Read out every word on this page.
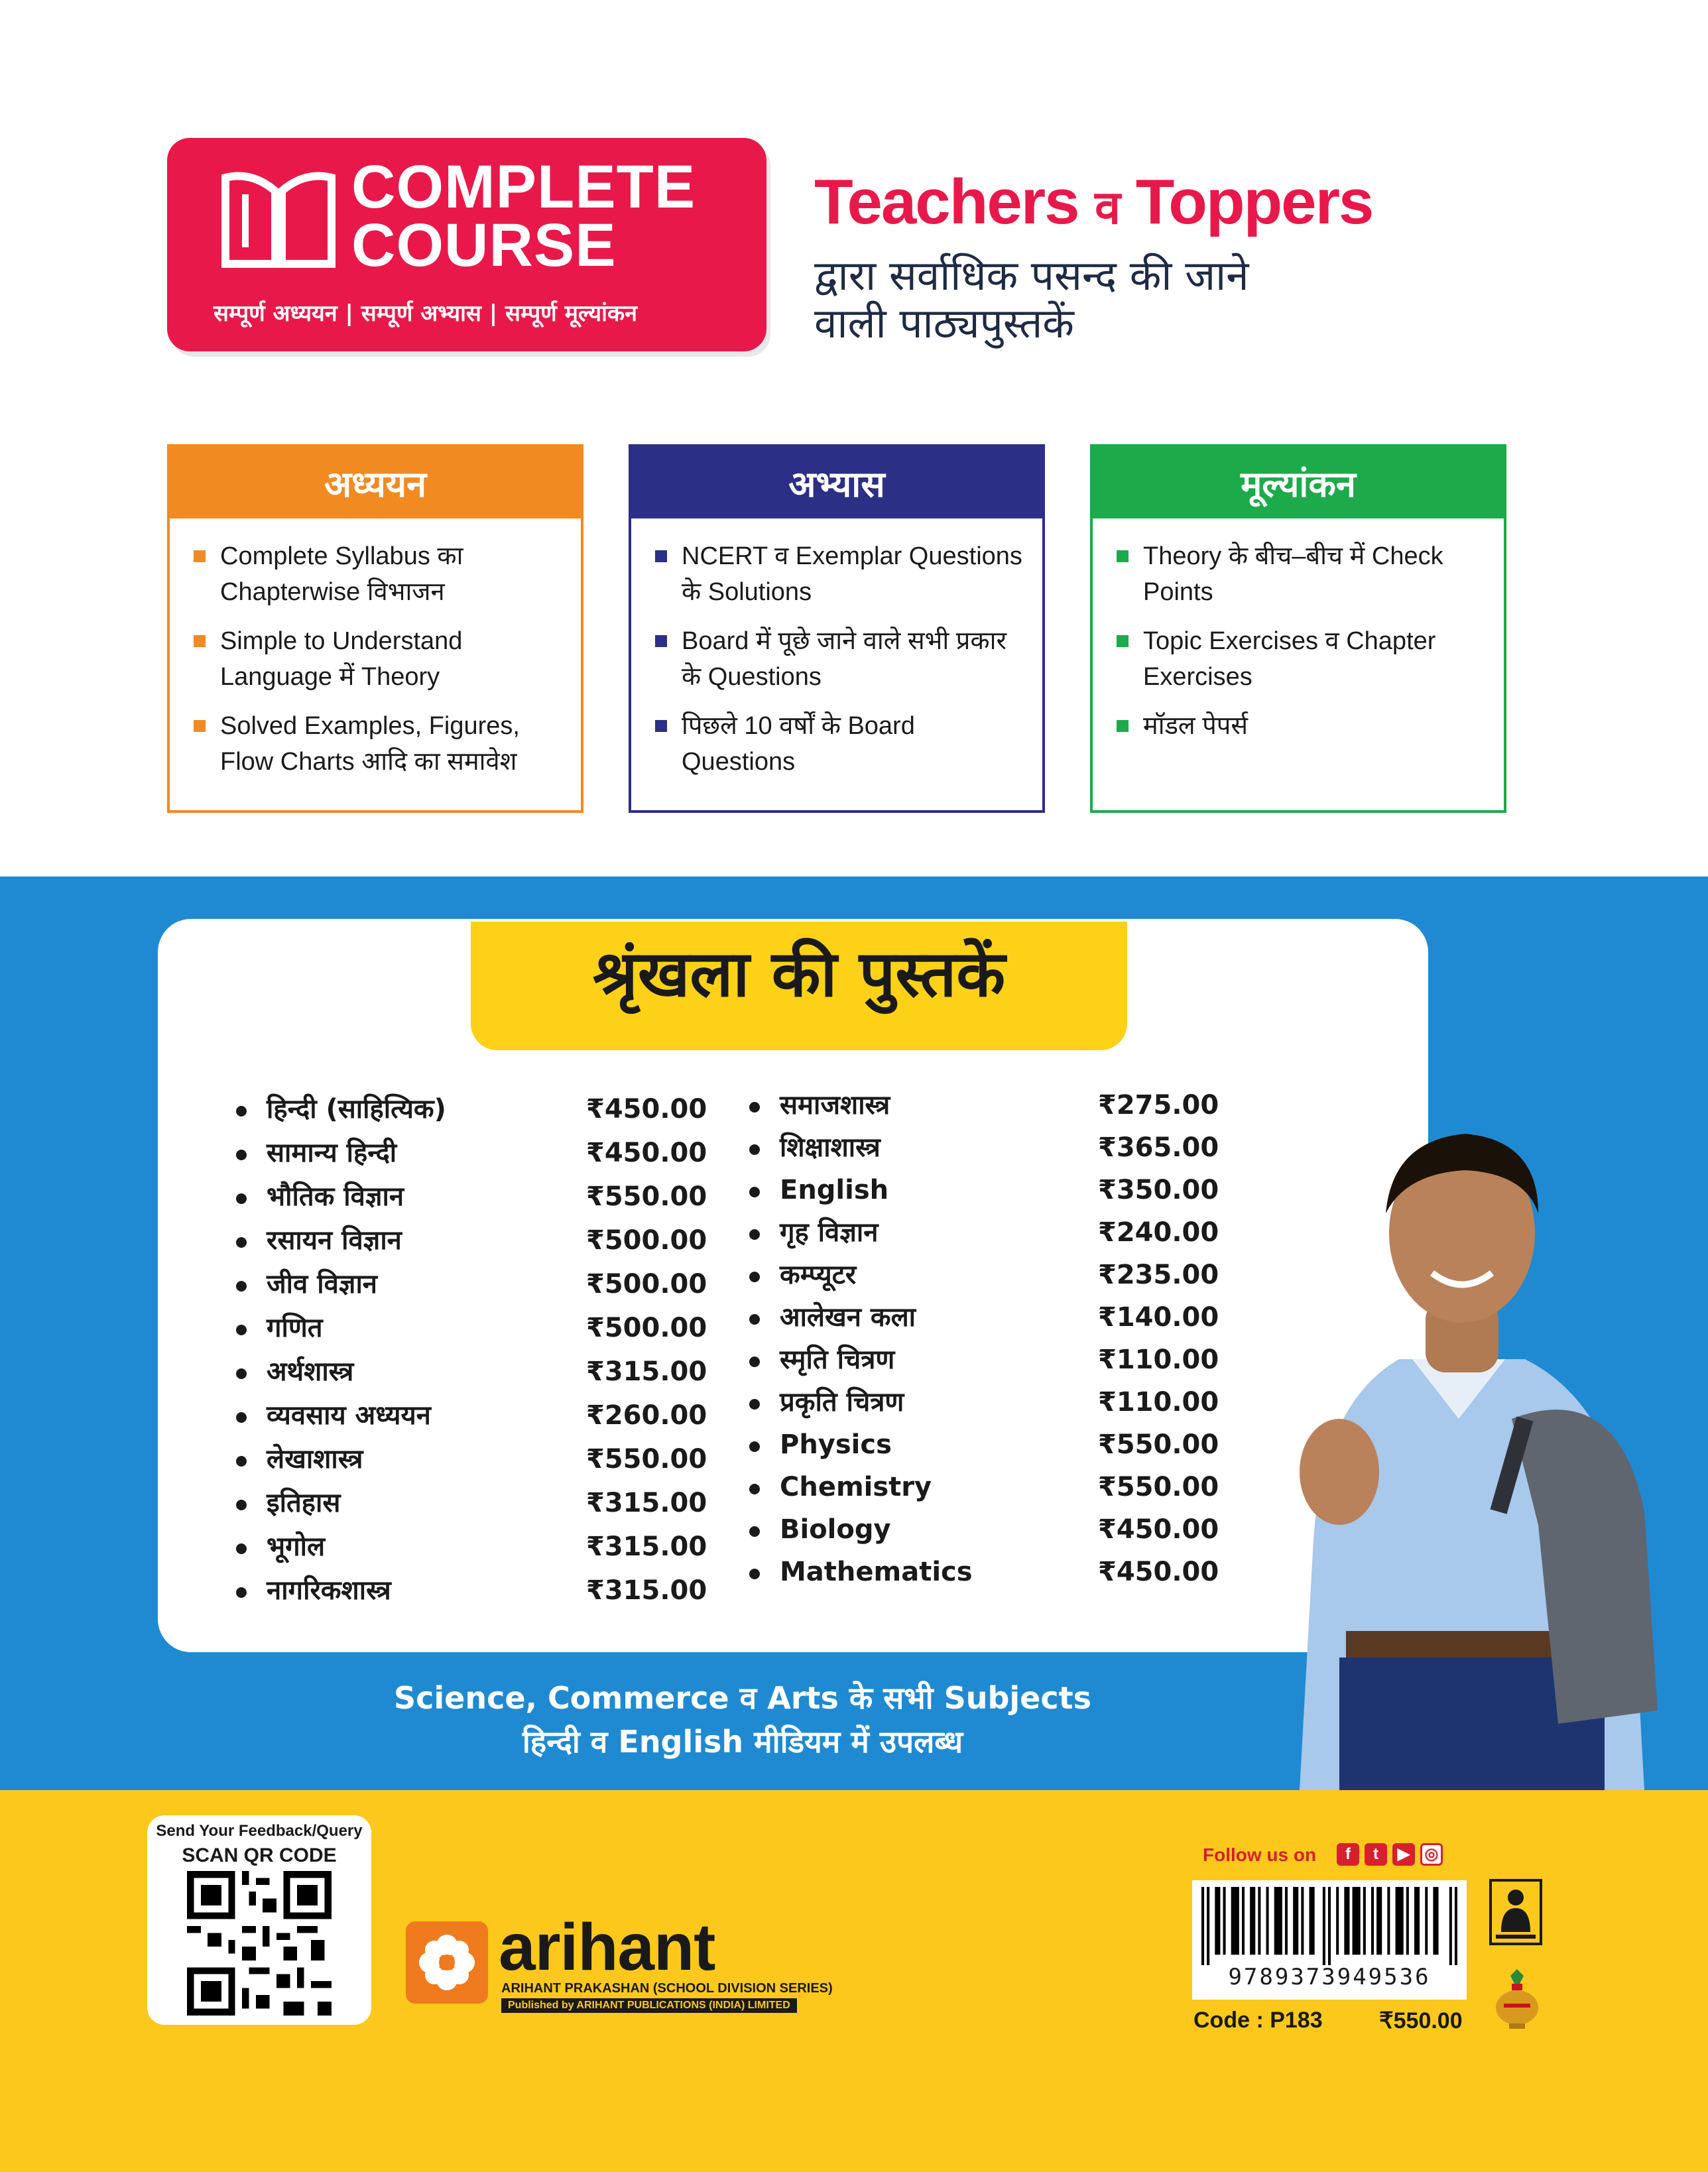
COMPLETE
COURSE
सम्पूर्ण अध्ययन | सम्पूर्ण अभ्यास | सम्पूर्ण मूल्यांकन
Teachers व Toppers
द्वारा सर्वाधिक पसन्द की जाने
वाली पाठ्यपुस्तकें
अध्ययन
Complete Syllabus का
Chapterwise विभाजन
Simple to Understand
Language में Theory
Solved Examples, Figures,
Flow Charts आदि का समावेश
अभ्यास
NCERT व Exemplar Questions
के Solutions
Board में पूछे जाने वाले सभी प्रकार
के Questions
पिछले 10 वर्षों के Board
Questions
मूल्यांकन
Theory के बीच–बीच में Check
Points
Topic Exercises व Chapter
Exercises
मॉडल पेपर्स
श्रृंखला की पुस्तकें
हिन्दी (साहित्यिक)	₹450.00
सामान्य हिन्दी	₹450.00
भौतिक विज्ञान	₹550.00
रसायन विज्ञान	₹500.00
जीव विज्ञान	₹500.00
गणित	₹500.00
अर्थशास्त्र	₹315.00
व्यवसाय अध्ययन	₹260.00
लेखाशास्त्र	₹550.00
इतिहास	₹315.00
भूगोल	₹315.00
नागरिकशास्त्र	₹315.00
समाजशास्त्र	₹275.00
शिक्षाशास्त्र	₹365.00
English	₹350.00
गृह विज्ञान	₹240.00
कम्प्यूटर	₹235.00
आलेखन कला	₹140.00
स्मृति चित्रण	₹110.00
प्रकृति चित्रण	₹110.00
Physics	₹550.00
Chemistry	₹550.00
Biology	₹450.00
Mathematics	₹450.00
Science, Commerce व Arts के सभी Subjects
हिन्दी व English मीडियम में उपलब्ध
Send Your Feedback/Query
SCAN QR CODE
arihant
ARIHANT PRAKASHAN (SCHOOL DIVISION SERIES)
Published by ARIHANT PUBLICATIONS (INDIA) LIMITED
Follow us on	f	t	▶ ◎
9789373949536
Code : P183	₹550.00
